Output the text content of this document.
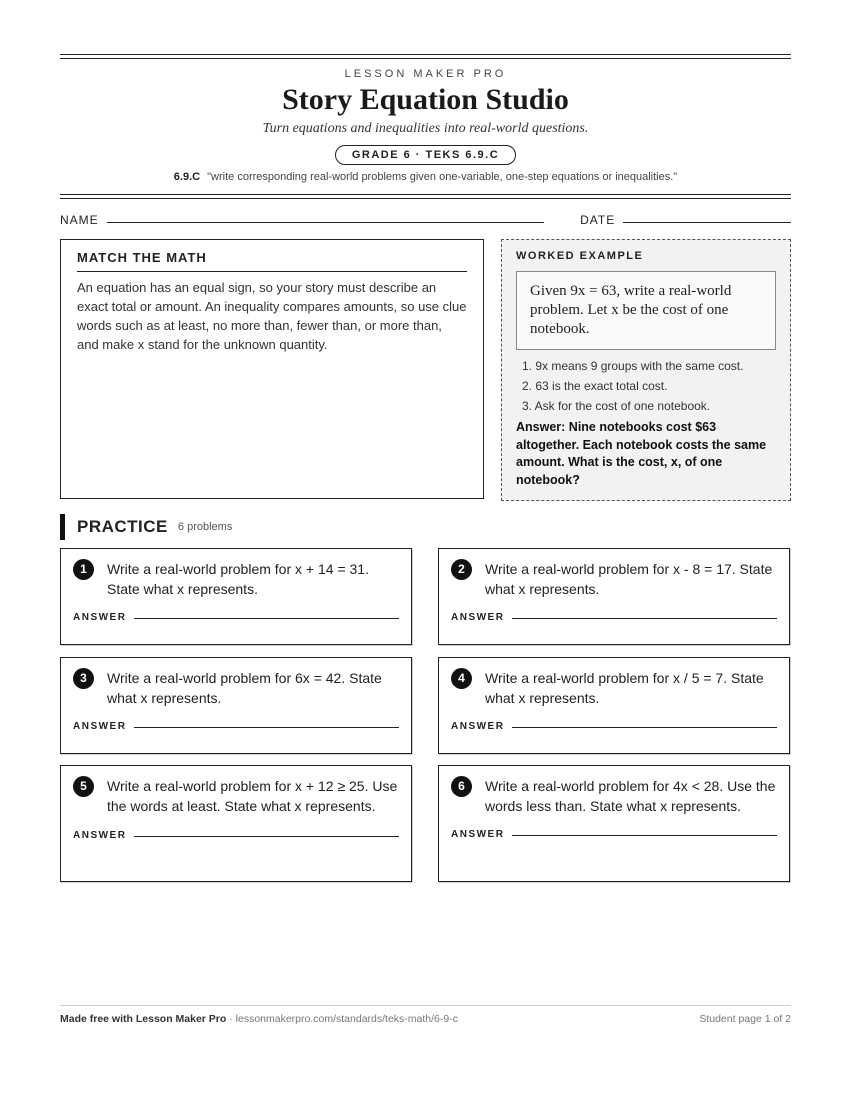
LESSON MAKER PRO
Story Equation Studio
Turn equations and inequalities into real-world questions.
GRADE 6 · TEKS 6.9.C
6.9.C "write corresponding real-world problems given one-variable, one-step equations or inequalities."
NAME	DATE
MATCH THE MATH
An equation has an equal sign, so your story must describe an exact total or amount. An inequality compares amounts, so use clue words such as at least, no more than, fewer than, or more than, and make x stand for the unknown quantity.
WORKED EXAMPLE
Given 9x = 63, write a real-world problem. Let x be the cost of one notebook.
1. 9x means 9 groups with the same cost.
2. 63 is the exact total cost.
3. Ask for the cost of one notebook.
Answer: Nine notebooks cost $63 altogether. Each notebook costs the same amount. What is the cost, x, of one notebook?
PRACTICE 6 problems
1	Write a real-world problem for x + 14 = 31. State what x represents.
ANSWER
2	Write a real-world problem for x - 8 = 17. State what x represents.
ANSWER
3	Write a real-world problem for 6x = 42. State what x represents.
ANSWER
4	Write a real-world problem for x / 5 = 7. State what x represents.
ANSWER
5	Write a real-world problem for x + 12 ≥ 25. Use the words at least. State what x represents.
ANSWER
6	Write a real-world problem for 4x < 28. Use the words less than. State what x represents.
ANSWER
Made free with Lesson Maker Pro · lessonmakerpro.com/standards/teks-math/6-9-c	Student page 1 of 2
